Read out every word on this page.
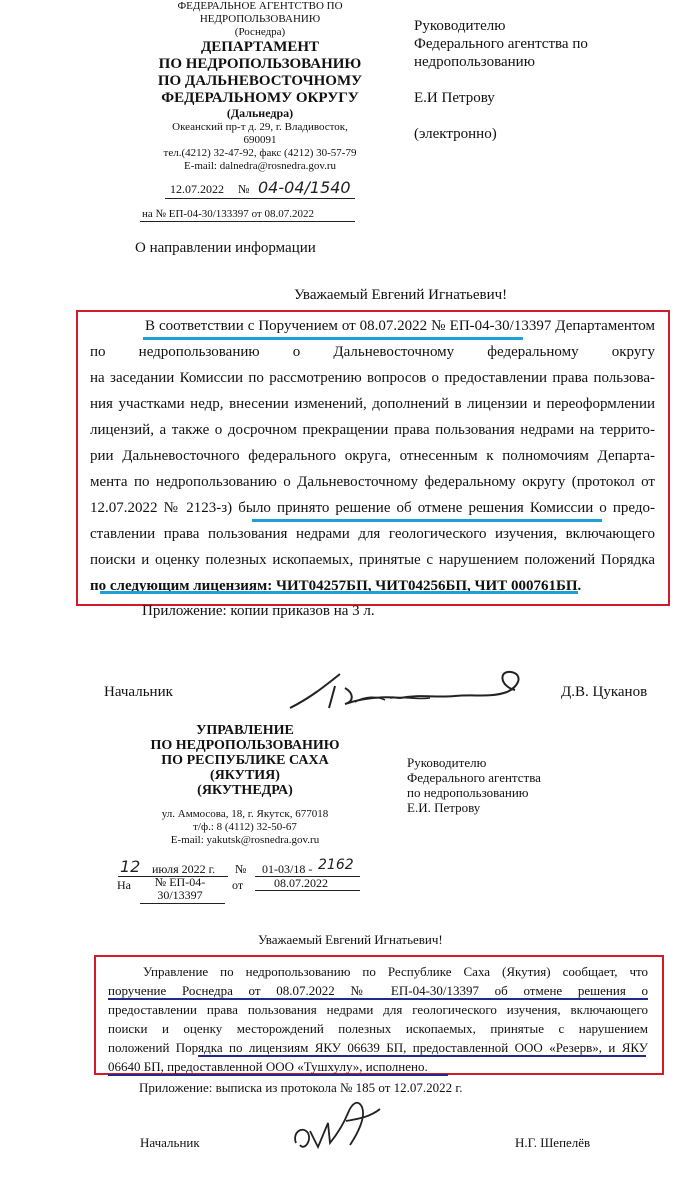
ФЕДЕРАЛЬНОЕ АГЕНТСТВО ПО
НЕДРОПОЛЬЗОВАНИЮ
(Роснедра)
ДЕПАРТАМЕНТ
ПО НЕДРОПОЛЬЗОВАНИЮ
ПО ДАЛЬНЕВОСТОЧНОМУ
ФЕДЕРАЛЬНОМУ ОКРУГУ
(Дальнедра)
Океанский пр-т д. 29, г. Владивосток,
690091
тел.(4212) 32-47-92, факс (4212) 30-57-79
E-mail: dalnedra@rosnedra.gov.ru
12.07.2022 № 04-04/1540
на № ЕП-04-30/133397 от 08.07.2022
О направлении информации
Руководителю
Федерального агентства по
недропользованию
Е.И Петрову
(электронно)
Уважаемый Евгений Игнатьевич!
В соответствии с Поручением от 08.07.2022 № ЕП-04-30/13397 Департаментом
по недропользованию о Дальневосточному федеральному округу
на заседании Комиссии по рассмотрению вопросов о предоставлении права пользова-
ния участками недр, внесении изменений, дополнений в лицензии и переоформлении
лицензий, а также о досрочном прекращении права пользования недрами на террито-
рии Дальневосточного федерального округа, отнесенным к полномочиям Департа-
мента по недропользованию о Дальневосточному федеральному округу (протокол от
12.07.2022 № 2123-з) было принято решение об отмене решения Комиссии о предо-
ставлении права пользования недрами для геологического изучения, включающего
поиски и оценку полезных ископаемых, принятые с нарушением положений Порядка
по следующим лицензиям: ЧИТ04257БП, ЧИТ04256БП, ЧИТ 000761БП.
Приложение: копии приказов на 3 л.
Начальник	Д.В. Цуканов
УПРАВЛЕНИЕ
ПО НЕДРОПОЛЬЗОВАНИЮ
ПО РЕСПУБЛИКЕ САХА
(ЯКУТИЯ)
(ЯКУТНЕДРА)
ул. Аммосова, 18, г. Якутск, 677018
т/ф.: 8 (4112) 32-50-67
E-mail: yakutsk@rosnedra.gov.ru
Руководителю
Федерального агентства
по недропользованию
Е.И. Петрову
12 июля 2022 г. № 01-03/18 - 2162
На	№ ЕП-04-
30/13397
от	08.07.2022
Уважаемый Евгений Игнатьевич!
Управление по недропользованию по Республике Саха (Якутия) сообщает, что
поручение Роснедра от 08.07.2022 № ЕП-04-30/13397 об отмене решения о
предоставлении права пользования недрами для геологического изучения, включающего
поиски и оценку месторождений полезных ископаемых, принятые с нарушением
положений Порядка по лицензиям ЯКУ 06639 БП, предоставленной ООО «Резерв», и ЯКУ
06640 БП, предоставленной ООО «Тушхулу», исполнено.
Приложение: выписка из протокола № 185 от 12.07.2022 г.
Начальник	Н.Г. Шепелёв
